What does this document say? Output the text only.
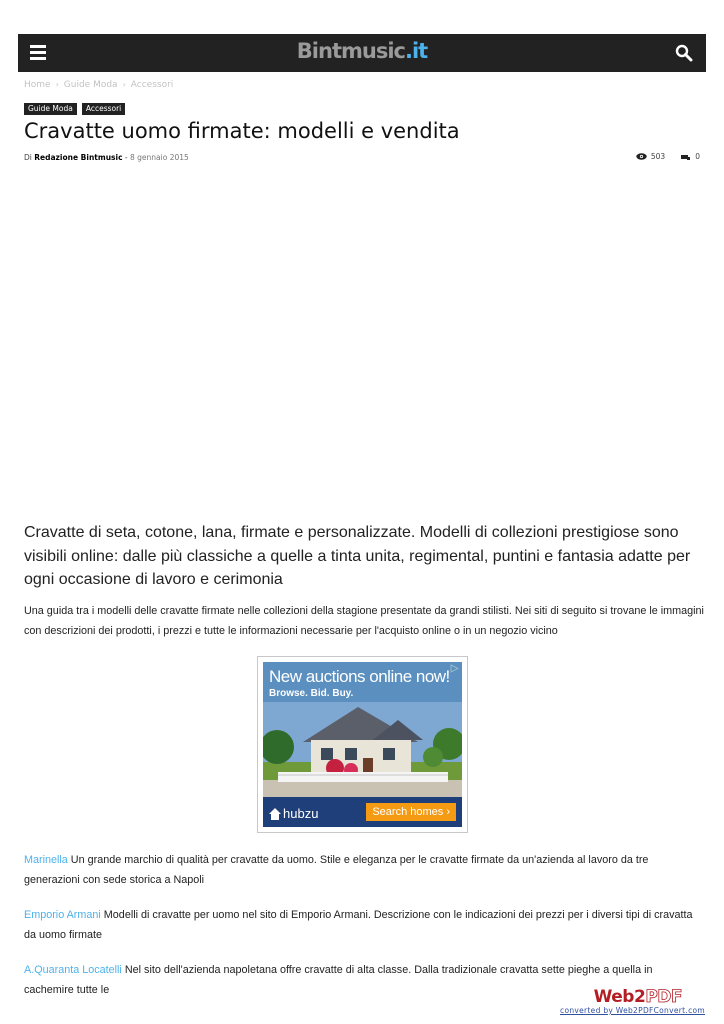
Bintmusic.it
Home › Guide Moda › Accessori
Guide Moda	Accessori
Cravatte uomo firmate: modelli e vendita
Di Redazione Bintmusic - 8 gennaio 2015	503	0

Cravatte di seta, cotone, lana, firmate e personalizzate. Modelli di collezioni prestigiose sono visibili online: dalle più classiche a quelle a tinta unita, regimental, puntini e fantasia adatte per ogni occasione di lavoro e cerimonia

Una guida tra i modelli delle cravatte firmate nelle collezioni della stagione presentate da grandi stilisti. Nei siti di seguito si trovane le immagini con descrizioni dei prodotti, i prezzi e tutte le informazioni necessarie per l'acquisto online o in un negozio vicino

New auctions online now!
Browse. Bid. Buy.
hubzu	Search homes ›

Marinella Un grande marchio di qualità per cravatte da uomo. Stile e eleganza per le cravatte firmate da un'azienda al lavoro da tre generazioni con sede storica a Napoli

Emporio Armani Modelli di cravatte per uomo nel sito di Emporio Armani. Descrizione con le indicazioni dei prezzi per i diversi tipi di cravatta da uomo firmate

A.Quaranta Locatelli Nel sito dell'azienda napoletana offre cravatte di alta classe. Dalla tradizionale cravatta sette pieghe a quella in cachemire tutte le	Web2PDF
converted by Web2PDFConvert.com
